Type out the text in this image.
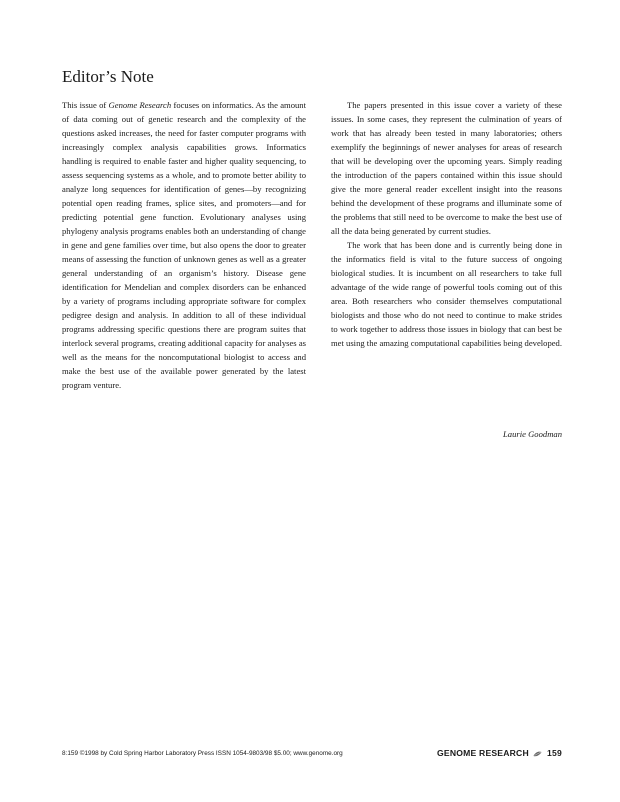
Editor’s Note

This issue of Genome Research focuses on informatics. As the amount of data coming out of genetic research and the complexity of the questions asked increases, the need for faster computer programs with increasingly complex analysis capabilities grows. Informatics handling is required to enable faster and higher quality sequencing, to assess sequencing systems as a whole, and to promote better ability to analyze long sequences for identification of genes—by recognizing potential open reading frames, splice sites, and promoters—and for predicting potential gene function. Evolutionary analyses using phylogeny analysis programs enables both an understanding of change in gene and gene families over time, but also opens the door to greater means of assessing the function of unknown genes as well as a greater general understanding of an organism’s history. Disease gene identification for Mendelian and complex disorders can be enhanced by a variety of programs including appropriate software for complex pedigree design and analysis. In addition to all of these individual programs addressing specific questions there are program suites that interlock several programs, creating additional capacity for analyses as well as the means for the noncomputational biologist to access and make the best use of the available power generated by the latest program venture.

The papers presented in this issue cover a variety of these issues. In some cases, they represent the culmination of years of work that has already been tested in many laboratories; others exemplify the beginnings of newer analyses for areas of research that will be developing over the upcoming years. Simply reading the introduction of the papers contained within this issue should give the more general reader excellent insight into the reasons behind the development of these programs and illuminate some of the problems that still need to be overcome to make the best use of all the data being generated by current studies.

The work that has been done and is currently being done in the informatics field is vital to the future success of ongoing biological studies. It is incumbent on all researchers to take full advantage of the wide range of powerful tools coming out of this area. Both researchers who consider themselves computational biologists and those who do not need to continue to make strides to work together to address those issues in biology that can best be met using the amazing computational capabilities being developed.

Laurie Goodman
8:159 ©1998 by Cold Spring Harbor Laboratory Press ISSN 1054-9803/98 $5.00; www.genome.org	GENOME RESEARCH 159
